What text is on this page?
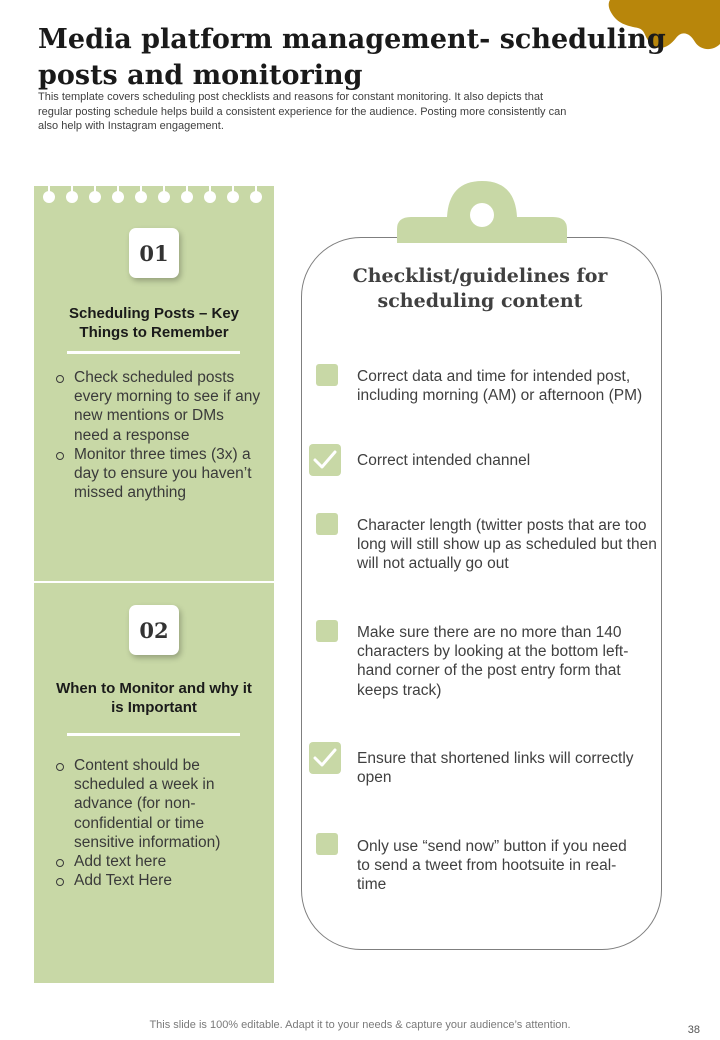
Media platform management- scheduling posts and monitoring

This template covers scheduling post checklists and reasons for constant monitoring. It also depicts that regular posting schedule helps build a consistent experience for the audience. Posting more consistently can also help with Instagram engagement.

01
Scheduling Posts – Key Things to Remember
Check scheduled posts every morning to see if any new mentions or DMs need a response
Monitor three times (3x) a day to ensure you haven’t missed anything
02
When to Monitor and why it is Important
Content should be scheduled a week in advance (for non-confidential or time sensitive information)
Add text here
Add Text Here
Checklist/guidelines for scheduling content
Correct data and time for intended post, including morning (AM) or afternoon (PM)
Correct intended channel
Character length (twitter posts that are too long will still show up as scheduled but then will not actually go out
Make sure there are no more than 140 characters by looking at the bottom left-hand corner of the post entry form that keeps track)
Ensure that shortened links will correctly open
Only use “send now” button if you need to send a tweet from hootsuite in real-time
This slide is 100% editable. Adapt it to your needs & capture your audience’s attention.	38
